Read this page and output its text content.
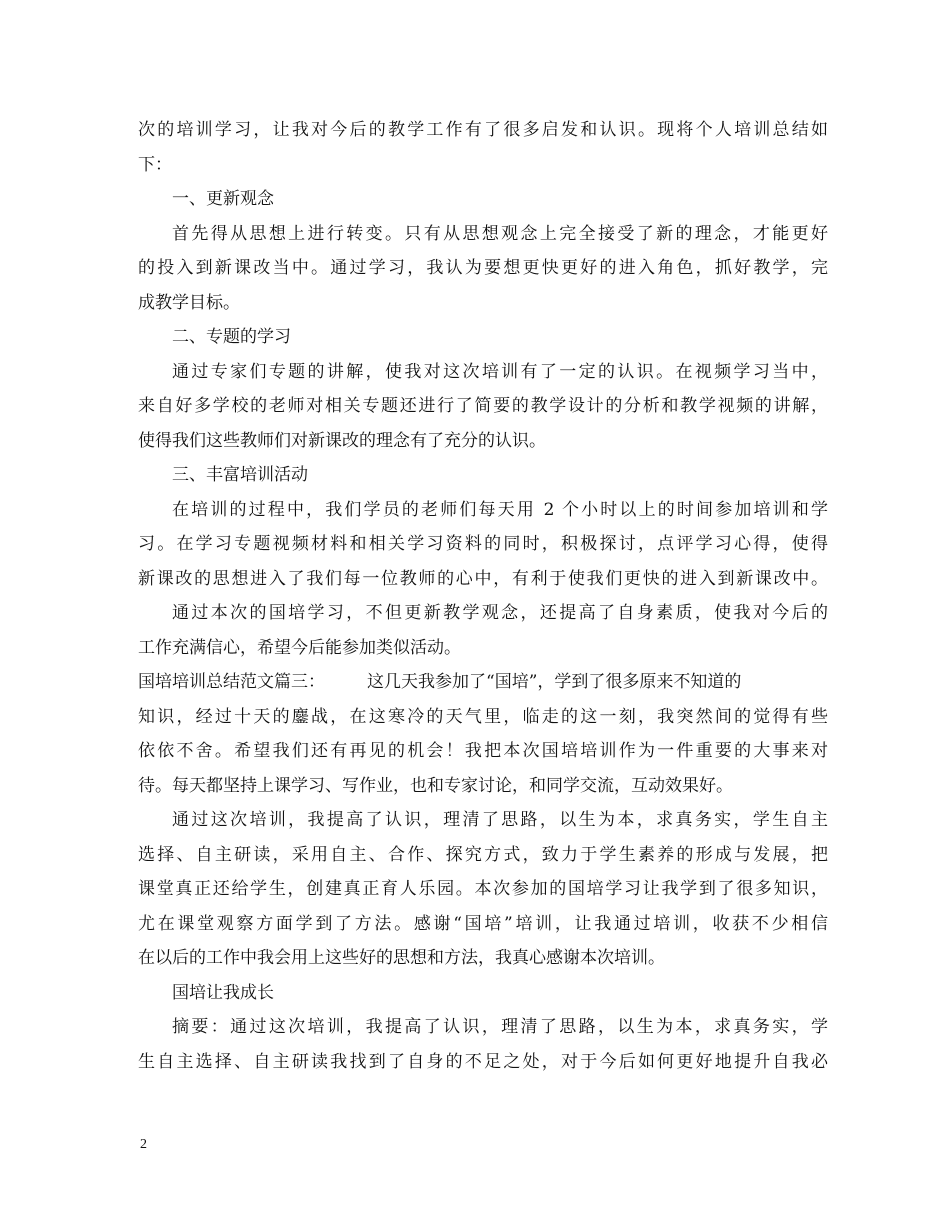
次的培训学习，让我对今后的教学工作有了很多启发和认识。现将个人培训总结如
下：
一、更新观念
首先得从思想上进行转变。只有从思想观念上完全接受了新的理念，才能更好
的投入到新课改当中。通过学习，我认为要想更快更好的进入角色，抓好教学，完
成教学目标。
二、专题的学习
通过专家们专题的讲解，使我对这次培训有了一定的认识。在视频学习当中，
来自好多学校的老师对相关专题还进行了简要的教学设计的分析和教学视频的讲解，
使得我们这些教师们对新课改的理念有了充分的认识。
三、丰富培训活动
在培训的过程中，我们学员的老师们每天用 2 个小时以上的时间参加培训和学
习。在学习专题视频材料和相关学习资料的同时，积极探讨，点评学习心得，使得
新课改的思想进入了我们每一位教师的心中，有利于使我们更快的进入到新课改中。
通过本次的国培学习，不但更新教学观念，还提高了自身素质，使我对今后的
工作充满信心，希望今后能参加类似活动。
国培培训总结范文篇三： 这几天我参加了“国培”，学到了很多原来不知道的
知识，经过十天的鏖战，在这寒冷的天气里，临走的这一刻，我突然间的觉得有些
依依不舍。希望我们还有再见的机会！我把本次国培培训作为一件重要的大事来对
待。每天都坚持上课学习、写作业，也和专家讨论，和同学交流，互动效果好。
通过这次培训，我提高了认识，理清了思路，以生为本，求真务实，学生自主
选择、自主研读，采用自主、合作、探究方式，致力于学生素养的形成与发展，把
课堂真正还给学生，创建真正育人乐园。本次参加的国培学习让我学到了很多知识，
尤在课堂观察方面学到了方法。感谢“国培”培训，让我通过培训，收获不少相信
在以后的工作中我会用上这些好的思想和方法，我真心感谢本次培训。
国培让我成长
摘要：通过这次培训，我提高了认识，理清了思路，以生为本，求真务实，学
生自主选择、自主研读我找到了自身的不足之处，对于今后如何更好地提升自我必
2
